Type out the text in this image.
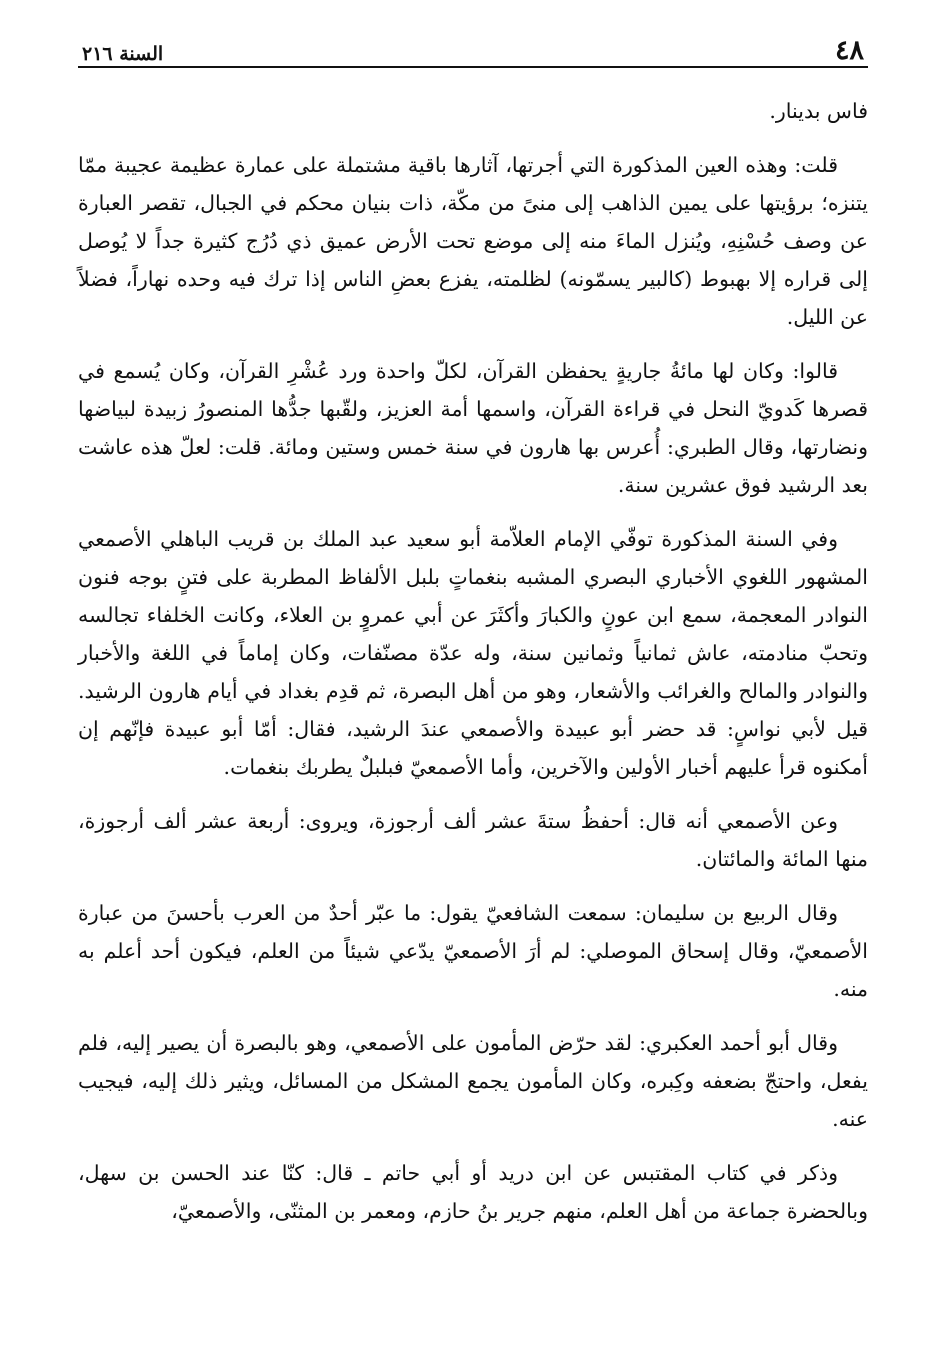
٤٨
السنة ٢١٦

فاس بدينار.

قلت: وهذه العين المذكورة التي أجرتها، آثارها باقية مشتملة على عمارة عظيمة عجيبة ممّا يتنزه؛ برؤيتها على يمين الذاهب إلى منىً من مكّة، ذات بنيان محكم في الجبال، تقصر العبارة عن وصف حُسْنِهِ، ويُنزل الماءَ منه إلى موضع تحت الأرض عميق ذي دُرُج كثيرة جداً لا يُوصل إلى قراره إلا بهبوط (كالبير يسمّونه) لظلمته، يفزع بعضِ الناس إذا ترك فيه وحده نهاراً، فضلاً عن الليل.

قالوا: وكان لها مائةُ جاريةٍ يحفظن القرآن، لكلّ واحدة ورد عُشْرِ القرآن، وكان يُسمع في قصرها كَدويّ النحل في قراءة القرآن، واسمها أمة العزيز، ولقّبها جدُّها المنصورُ زبيدة لبياضها ونضارتها، وقال الطبري: أُعرس بها هارون في سنة خمس وستين ومائة. قلت: لعلّ هذه عاشت بعد الرشيد فوق عشرين سنة.

وفي السنة المذكورة توفّي الإمام العلاّمة أبو سعيد عبد الملك بن قريب الباهلي الأصمعي المشهور اللغوي الأخباري البصري المشبه بنغماتٍ بلبل الألفاظ المطربة على فتنٍ بوجه فنون النوادر المعجمة، سمع ابن عونٍ والكبارَ وأكثَرَ عن أبي عمروٍ بن العلاء، وكانت الخلفاء تجالسه وتحبّ منادمته، عاش ثمانياً وثمانين سنة، وله عدّة مصنّفات، وكان إماماً في اللغة والأخبار والنوادر والمالح والغرائب والأشعار، وهو من أهل البصرة، ثم قدِم بغداد في أيام هارون الرشيد. قيل لأبي نواسٍ: قد حضر أبو عبيدة والأصمعي عندَ الرشيد، فقال: أمّا أبو عبيدة فإنّهم إن أمكنوه قرأ عليهم أخبار الأولين والآخرين، وأما الأصمعيّ فبلبلٌ يطربك بنغمات.

وعن الأصمعي أنه قال: أحفظُ ستةَ عشر ألف أرجوزة، ويروى: أربعة عشر ألف أرجوزة، منها المائة والمائتان.

وقال الربيع بن سليمان: سمعت الشافعيّ يقول: ما عبّر أحدٌ من العرب بأحسنَ من عبارة الأصمعيّ، وقال إسحاق الموصلي: لم أرَ الأصمعيّ يدّعي شيئاً من العلم، فيكون أحد أعلم به منه.

وقال أبو أحمد العكبري: لقد حرّض المأمون على الأصمعي، وهو بالبصرة أن يصير إليه، فلم يفعل، واحتجّ بضعفه وكِبره، وكان المأمون يجمع المشكل من المسائل، ويثير ذلك إليه، فيجيب عنه.

وذكر في كتاب المقتبس عن ابن دريد أو أبي حاتم ـ قال: كنّا عند الحسن بن سهل، وبالحضرة جماعة من أهل العلم، منهم جرير بنُ حازم، ومعمر بن المثنّى، والأصمعيّ،
